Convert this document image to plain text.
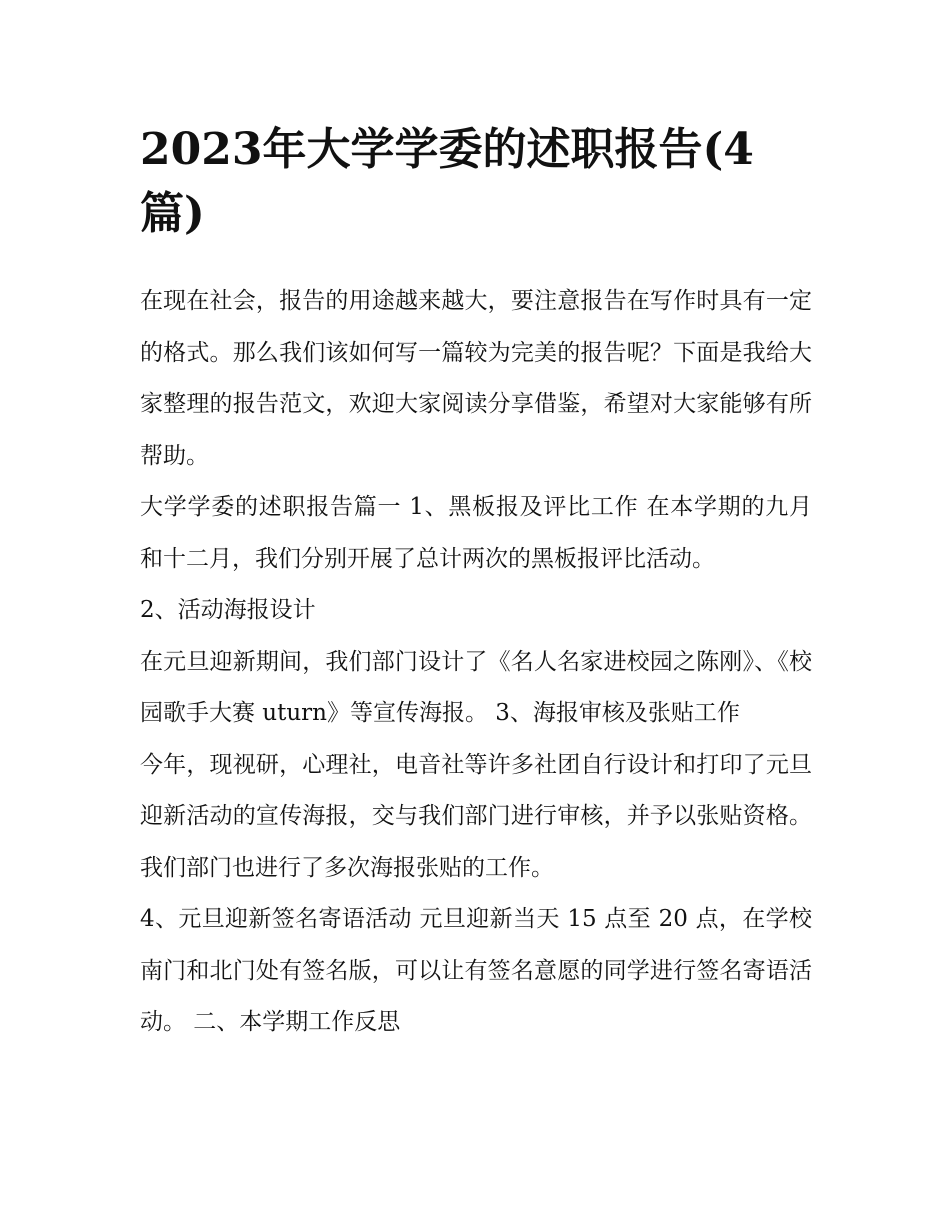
2023年大学学委的述职报告(4篇)

在现在社会，报告的用途越来越大，要注意报告在写作时具有一定的格式。那么我们该如何写一篇较为完美的报告呢？下面是我给大家整理的报告范文，欢迎大家阅读分享借鉴，希望对大家能够有所帮助。

大学学委的述职报告篇一 1、黑板报及评比工作 在本学期的九月和十二月，我们分别开展了总计两次的黑板报评比活动。

2、活动海报设计

在元旦迎新期间，我们部门设计了《名人名家进校园之陈刚》、《校园歌手大赛 uturn》等宣传海报。 3、海报审核及张贴工作

今年，现视研，心理社，电音社等许多社团自行设计和打印了元旦迎新活动的宣传海报，交与我们部门进行审核，并予以张贴资格。我们部门也进行了多次海报张贴的工作。

4、元旦迎新签名寄语活动 元旦迎新当天 15 点至 20 点，在学校南门和北门处有签名版，可以让有签名意愿的同学进行签名寄语活动。 二、本学期工作反思
